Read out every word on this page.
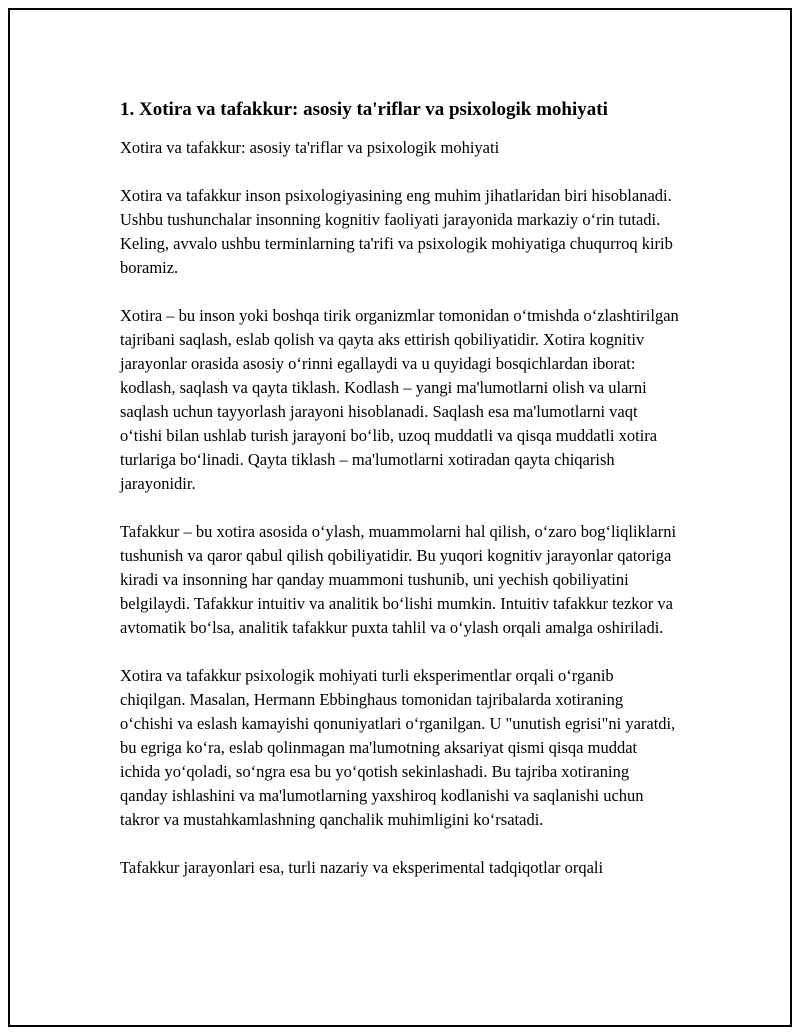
1. Xotira va tafakkur: asosiy ta'riflar va psixologik mohiyati
Xotira va tafakkur: asosiy ta'riflar va psixologik mohiyati

Xotira va tafakkur inson psixologiyasining eng muhim jihatlaridan biri hisoblanadi. Ushbu tushunchalar insonning kognitiv faoliyati jarayonida markaziy o‘rin tutadi. Keling, avvalo ushbu terminlarning ta'rifi va psixologik mohiyatiga chuqurroq kirib boramiz.

Xotira – bu inson yoki boshqa tirik organizmlar tomonidan o‘tmishda o‘zlashtirilgan tajribani saqlash, eslab qolish va qayta aks ettirish qobiliyatidir. Xotira kognitiv jarayonlar orasida asosiy o‘rinni egallaydi va u quyidagi bosqichlardan iborat: kodlash, saqlash va qayta tiklash. Kodlash – yangi ma'lumotlarni olish va ularni saqlash uchun tayyorlash jarayoni hisoblanadi. Saqlash esa ma'lumotlarni vaqt o‘tishi bilan ushlab turish jarayoni bo‘lib, uzoq muddatli va qisqa muddatli xotira turlariga bo‘linadi. Qayta tiklash – ma'lumotlarni xotiradan qayta chiqarish jarayonidir.

Tafakkur – bu xotira asosida o‘ylash, muammolarni hal qilish, o‘zaro bog‘liqliklarni tushunish va qaror qabul qilish qobiliyatidir. Bu yuqori kognitiv jarayonlar qatoriga kiradi va insonning har qanday muammoni tushunib, uni yechish qobiliyatini belgilaydi. Tafakkur intuitiv va analitik bo‘lishi mumkin. Intuitiv tafakkur tezkor va avtomatik bo‘lsa, analitik tafakkur puxta tahlil va o‘ylash orqali amalga oshiriladi.

Xotira va tafakkur psixologik mohiyati turli eksperimentlar orqali o‘rganib chiqilgan. Masalan, Hermann Ebbinghaus tomonidan tajribalarda xotiraning o‘chishi va eslash kamayishi qonuniyatlari o‘rganilgan. U "unutish egrisi"ni yaratdi, bu egriga ko‘ra, eslab qolinmagan ma'lumotning aksariyat qismi qisqa muddat ichida yo‘qoladi, so‘ngra esa bu yo‘qotish sekinlashadi. Bu tajriba xotiraning qanday ishlashini va ma'lumotlarning yaxshiroq kodlanishi va saqlanishi uchun takror va mustahkamlashning qanchalik muhimligini ko‘rsatadi.

Tafakkur jarayonlari esa, turli nazariy va eksperimental tadqiqotlar orqali
